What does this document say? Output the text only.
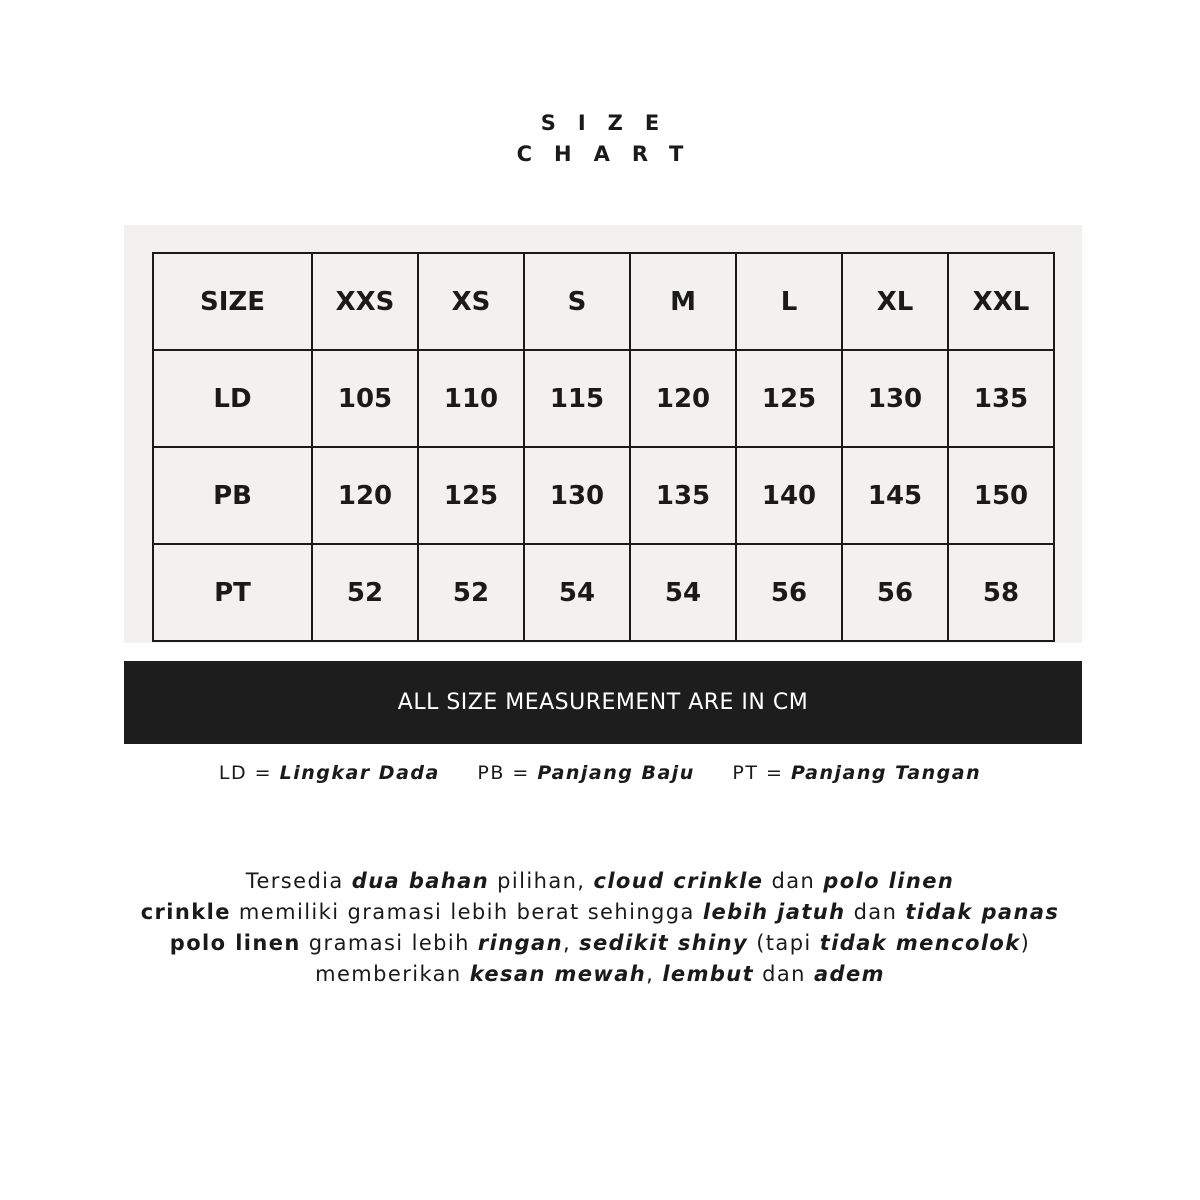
SIZE
CHART
SIZE	XXS	XS	S	M	L	XL	XXL
LD	105	110	115	120	125	130	135
PB	120	125	130	135	140	145	150
PT	52	52	54	54	56	56	58
ALL SIZE MEASUREMENT ARE IN CM
LD = Lingkar Dada PB = Panjang Baju PT = Panjang Tangan
Tersedia dua bahan pilihan, cloud crinkle dan polo linen
crinkle memiliki gramasi lebih berat sehingga lebih jatuh dan tidak panas
polo linen gramasi lebih ringan, sedikit shiny (tapi tidak mencolok)
memberikan kesan mewah, lembut dan adem
